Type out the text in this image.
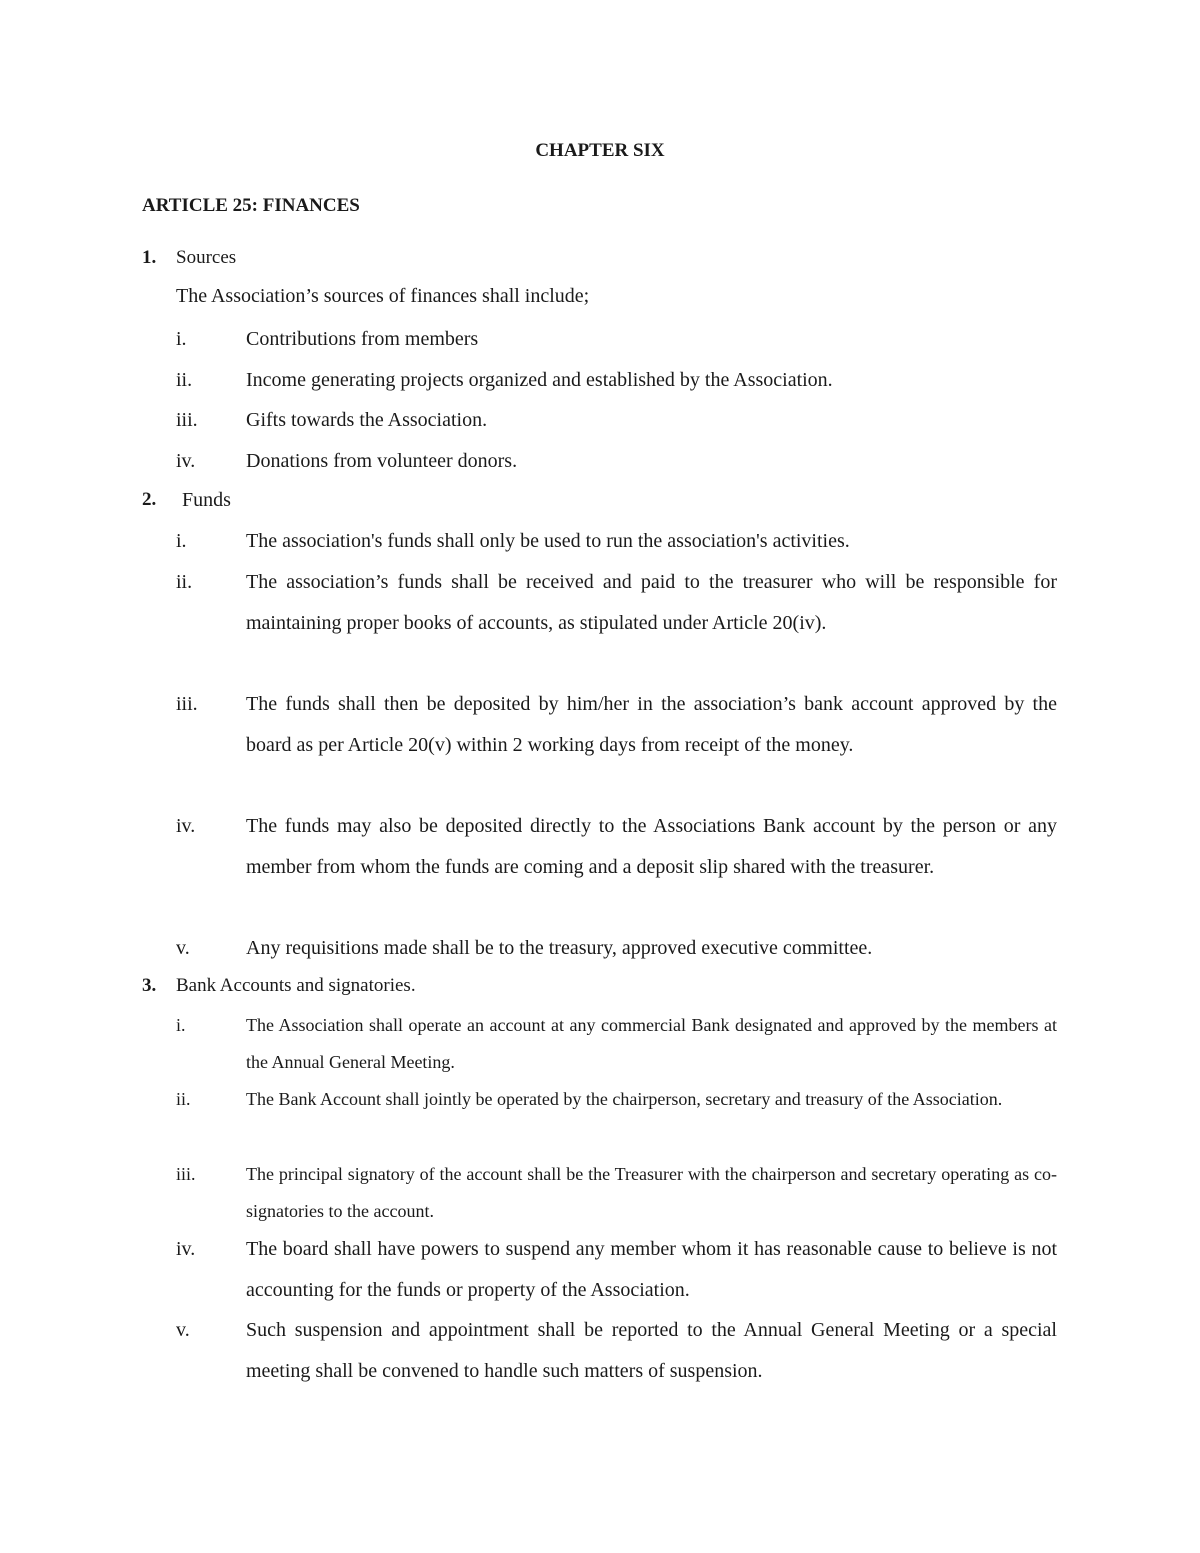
CHAPTER SIX
ARTICLE 25: FINANCES
1. Sources
The Association’s sources of finances shall include;
i.	Contributions from members
ii.	Income generating projects organized and established by the Association.
iii. Gifts towards the Association.
iv.	Donations from volunteer donors.
2. Funds
i.	The association's funds shall only be used to run the association's activities.
ii.	The association’s funds shall be received and paid to the treasurer who will be responsible for maintaining proper books of accounts, as stipulated under Article 20(iv).
iii. The funds shall then be deposited by him/her in the association’s bank account approved by the board as per Article 20(v) within 2 working days from receipt of the money.
iv.	The funds may also be deposited directly to the Associations Bank account by the person or any member from whom the funds are coming and a deposit slip shared with the treasurer.
v.	Any requisitions made shall be to the treasury, approved executive committee.
3. Bank Accounts and signatories.
i.	The Association shall operate an account at any commercial Bank designated and approved by the members at the Annual General Meeting.
ii.	The Bank Account shall jointly be operated by the chairperson, secretary and treasury of the Association.
iii.	The principal signatory of the account shall be the Treasurer with the chairperson and secretary operating as co-signatories to the account.
iv.	The board shall have powers to suspend any member whom it has reasonable cause to believe is not accounting for the funds or property of the Association.
v.	Such suspension and appointment shall be reported to the Annual General Meeting or a special meeting shall be convened to handle such matters of suspension.
